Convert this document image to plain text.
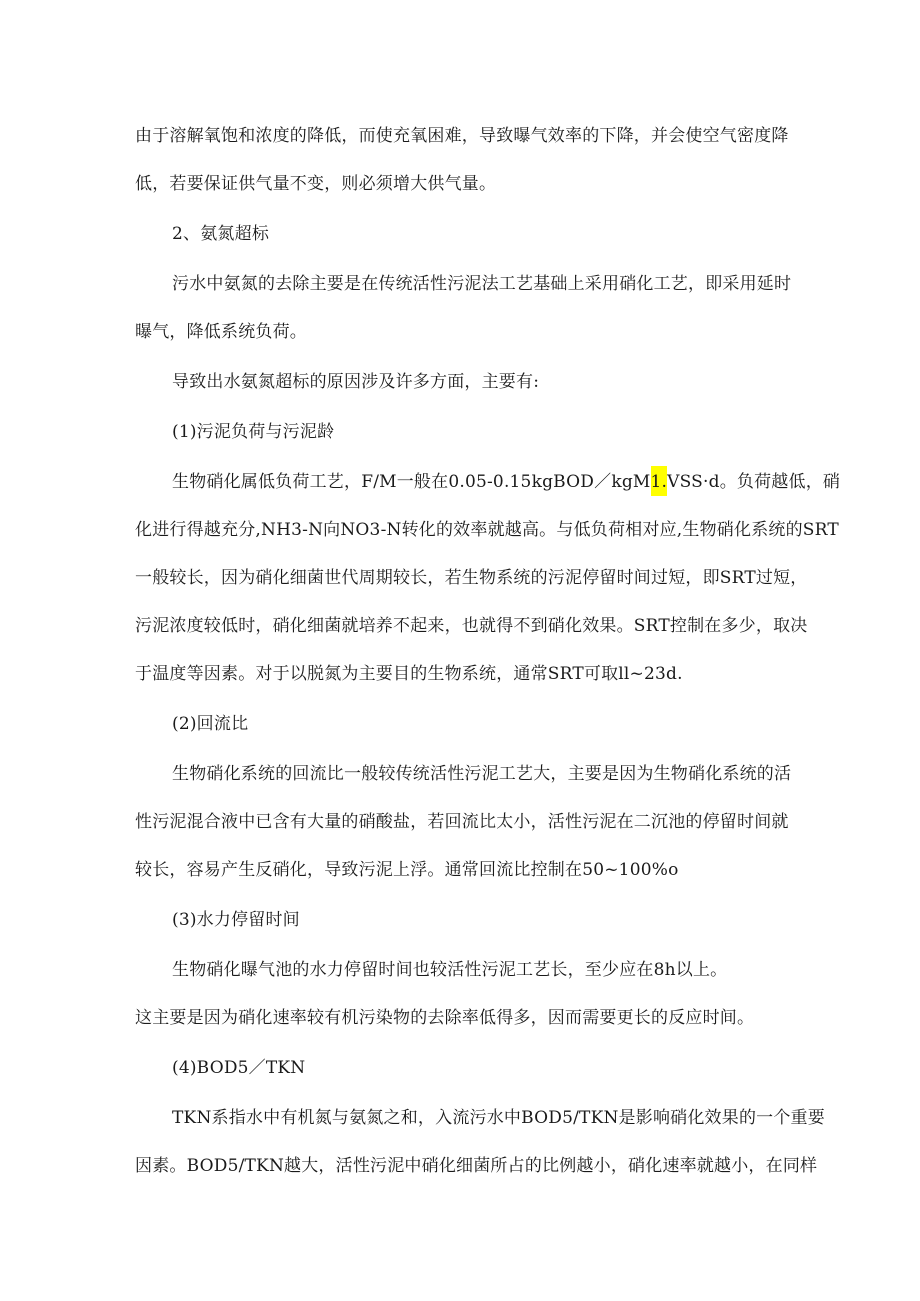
由于溶解氧饱和浓度的降低，而使充氧困难，导致曝气效率的下降，并会使空气密度降
低，若要保证供气量不变，则必须增大供气量。
2、氨氮超标
污水中氨氮的去除主要是在传统活性污泥法工艺基础上采用硝化工艺，即采用延时
曝气，降低系统负荷。
导致出水氨氮超标的原因涉及许多方面，主要有:
(1)污泥负荷与污泥龄
生物硝化属低负荷工艺，F/M一般在0.05-0.15kgBOD／kgM1.VSS·d。负荷越低，硝
化进行得越充分,NH3-N向NO3-N转化的效率就越高。与低负荷相对应,生物硝化系统的SRT
一般较长，因为硝化细菌世代周期较长，若生物系统的污泥停留时间过短，即SRT过短，
污泥浓度较低时，硝化细菌就培养不起来，也就得不到硝化效果。SRT控制在多少，取决
于温度等因素。对于以脱氮为主要目的生物系统，通常SRT可取ll~23d.
(2)回流比
生物硝化系统的回流比一般较传统活性污泥工艺大，主要是因为生物硝化系统的活
性污泥混合液中已含有大量的硝酸盐，若回流比太小，活性污泥在二沉池的停留时间就
较长，容易产生反硝化，导致污泥上浮。通常回流比控制在50~100%o
(3)水力停留时间
生物硝化曝气池的水力停留时间也较活性污泥工艺长，至少应在8h以上。
这主要是因为硝化速率较有机污染物的去除率低得多，因而需要更长的反应时间。
(4)BOD5／TKN
TKN系指水中有机氮与氨氮之和，入流污水中BOD5/TKN是影响硝化效果的一个重要
因素。BOD5/TKN越大，活性污泥中硝化细菌所占的比例越小，硝化速率就越小，在同样
